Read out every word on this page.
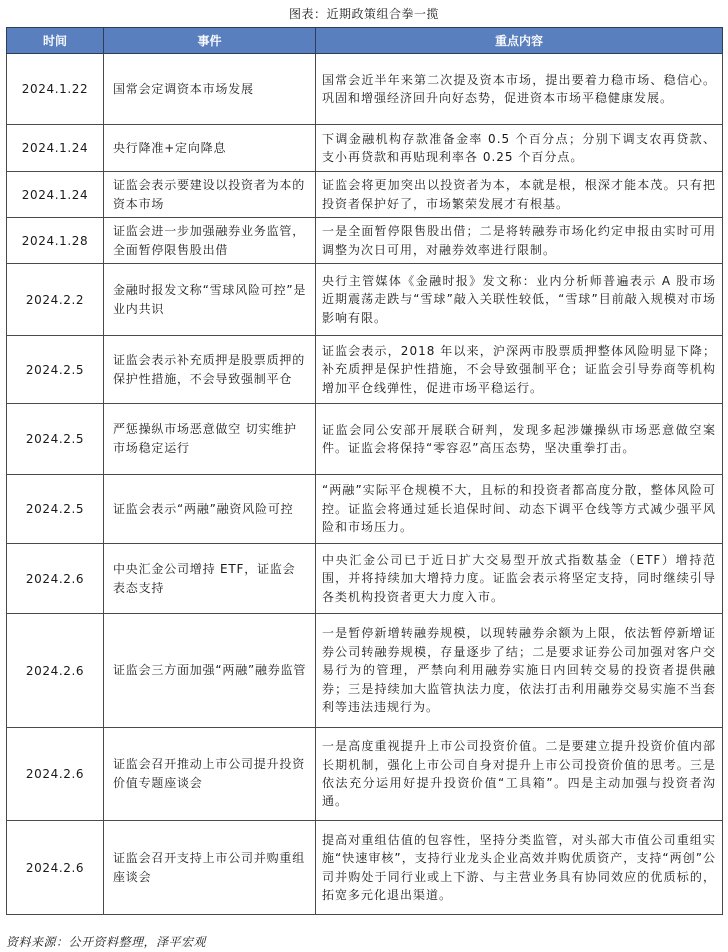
图表：近期政策组合拳一揽
时间	事件	重点内容
2024.1.22	国常会定调资本市场发展	国常会近半年来第二次提及资本市场，提出要着力稳市场、稳信心。巩固和增强经济回升向好态势，促进资本市场平稳健康发展。
2024.1.24	央行降准+定向降息	下调金融机构存款准备金率 0.5 个百分点；分别下调支农再贷款、支小再贷款和再贴现利率各 0.25 个百分点。
2024.1.24	证监会表示要建设以投资者为本的资本市场	证监会将更加突出以投资者为本，本就是根，根深才能本茂。只有把投资者保护好了，市场繁荣发展才有根基。
2024.1.28	证监会进一步加强融券业务监管，全面暂停限售股出借	一是全面暂停限售股出借；二是将转融券市场化约定申报由实时可用调整为次日可用，对融券效率进行限制。
2024.2.2	金融时报发文称“雪球风险可控”是业内共识	央行主管媒体《金融时报》发文称：业内分析师普遍表示 A 股市场近期震荡走跌与“雪球”敲入关联性较低，“雪球”目前敲入规模对市场影响有限。
2024.2.5	证监会表示补充质押是股票质押的保护性措施，不会导致强制平仓	证监会表示，2018 年以来，沪深两市股票质押整体风险明显下降；补充质押是保护性措施，不会导致强制平仓；证监会引导券商等机构增加平仓线弹性，促进市场平稳运行。
2024.2.5	严惩操纵市场恶意做空 切实维护市场稳定运行	证监会同公安部开展联合研判，发现多起涉嫌操纵市场恶意做空案件。证监会将保持“零容忍”高压态势，坚决重拳打击。
2024.2.5	证监会表示“两融”融资风险可控	“两融”实际平仓规模不大，且标的和投资者都高度分散，整体风险可控。证监会将通过延长追保时间、动态下调平仓线等方式减少强平风险和市场压力。
2024.2.6	中央汇金公司增持 ETF，证监会表态支持	中央汇金公司已于近日扩大交易型开放式指数基金（ETF）增持范围，并将持续加大增持力度。证监会表示将坚定支持，同时继续引导各类机构投资者更大力度入市。
2024.2.6	证监会三方面加强“两融”融券监管	一是暂停新增转融券规模，以现转融券余额为上限，依法暂停新增证券公司转融券规模，存量逐步了结；二是要求证券公司加强对客户交易行为的管理，严禁向利用融券实施日内回转交易的投资者提供融券；三是持续加大监管执法力度，依法打击利用融券交易实施不当套利等违法违规行为。
2024.2.6	证监会召开推动上市公司提升投资价值专题座谈会	一是高度重视提升上市公司投资价值。二是要建立提升投资价值内部长期机制，强化上市公司自身对提升上市公司投资价值的思考。三是依法充分运用好提升投资价值“工具箱”。四是主动加强与投资者沟通。
2024.2.6	证监会召开支持上市公司并购重组座谈会	提高对重组估值的包容性，坚持分类监管，对头部大市值公司重组实施“快速审核”，支持行业龙头企业高效并购优质资产，支持“两创”公司并购处于同行业或上下游、与主营业务具有协同效应的优质标的，拓宽多元化退出渠道。
资料来源：公开资料整理，泽平宏观
